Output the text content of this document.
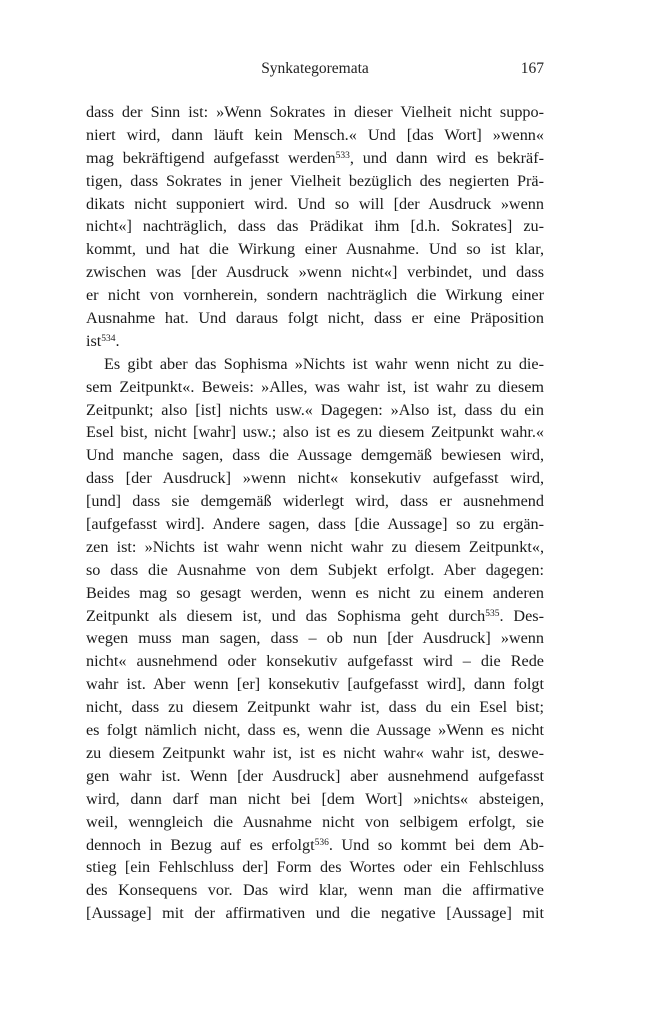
Synkategoremata	167
dass der Sinn ist: »Wenn Sokrates in dieser Vielheit nicht suppo-
niert wird, dann läuft kein Mensch.« Und [das Wort] »wenn«
mag bekräftigend aufgefasst werden$^{533}$, und dann wird es bekräf-
tigen, dass Sokrates in jener Vielheit bezüglich des negierten Prä-
dikats nicht supponiert wird. Und so will [der Ausdruck »wenn
nicht«] nachträglich, dass das Prädikat ihm [d.h. Sokrates] zu-
kommt, und hat die Wirkung einer Ausnahme. Und so ist klar,
zwischen was [der Ausdruck »wenn nicht«] verbindet, und dass
er nicht von vornherein, sondern nachträglich die Wirkung einer
Ausnahme hat. Und daraus folgt nicht, dass er eine Präposition
ist$^{534}$.
Es gibt aber das Sophisma »Nichts ist wahr wenn nicht zu die-
sem Zeitpunkt«. Beweis: »Alles, was wahr ist, ist wahr zu diesem
Zeitpunkt; also [ist] nichts usw.« Dagegen: »Also ist, dass du ein
Esel bist, nicht [wahr] usw.; also ist es zu diesem Zeitpunkt wahr.«
Und manche sagen, dass die Aussage demgemäß bewiesen wird,
dass [der Ausdruck] »wenn nicht« konsekutiv aufgefasst wird,
[und] dass sie demgemäß widerlegt wird, dass er ausnehmend
[aufgefasst wird]. Andere sagen, dass [die Aussage] so zu ergän-
zen ist: »Nichts ist wahr wenn nicht wahr zu diesem Zeitpunkt«,
so dass die Ausnahme von dem Subjekt erfolgt. Aber dagegen:
Beides mag so gesagt werden, wenn es nicht zu einem anderen
Zeitpunkt als diesem ist, und das Sophisma geht durch$^{535}$. Des-
wegen muss man sagen, dass – ob nun [der Ausdruck] »wenn
nicht« ausnehmend oder konsekutiv aufgefasst wird – die Rede
wahr ist. Aber wenn [er] konsekutiv [aufgefasst wird], dann folgt
nicht, dass zu diesem Zeitpunkt wahr ist, dass du ein Esel bist;
es folgt nämlich nicht, dass es, wenn die Aussage »Wenn es nicht
zu diesem Zeitpunkt wahr ist, ist es nicht wahr« wahr ist, deswe-
gen wahr ist. Wenn [der Ausdruck] aber ausnehmend aufgefasst
wird, dann darf man nicht bei [dem Wort] »nichts« absteigen,
weil, wenngleich die Ausnahme nicht von selbigem erfolgt, sie
dennoch in Bezug auf es erfolgt$^{536}$. Und so kommt bei dem Ab-
stieg [ein Fehlschluss der] Form des Wortes oder ein Fehlschluss
des Konsequens vor. Das wird klar, wenn man die affirmative
[Aussage] mit der affirmativen und die negative [Aussage] mit
